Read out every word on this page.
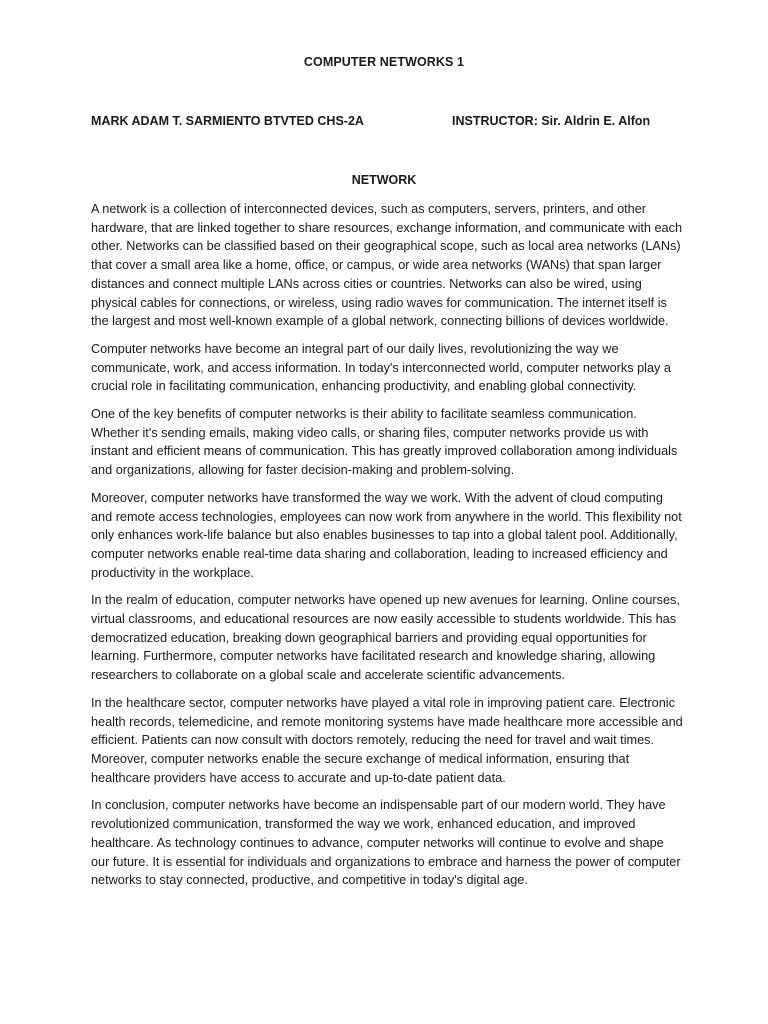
COMPUTER NETWORKS 1
MARK ADAM T. SARMIENTO BTVTED CHS-2A	INSTRUCTOR: Sir. Aldrin E. Alfon
NETWORK

A network is a collection of interconnected devices, such as computers, servers, printers, and other hardware, that are linked together to share resources, exchange information, and communicate with each other. Networks can be classified based on their geographical scope, such as local area networks (LANs) that cover a small area like a home, office, or campus, or wide area networks (WANs) that span larger distances and connect multiple LANs across cities or countries. Networks can also be wired, using physical cables for connections, or wireless, using radio waves for communication. The internet itself is the largest and most well-known example of a global network, connecting billions of devices worldwide.

Computer networks have become an integral part of our daily lives, revolutionizing the way we communicate, work, and access information. In today's interconnected world, computer networks play a crucial role in facilitating communication, enhancing productivity, and enabling global connectivity.

One of the key benefits of computer networks is their ability to facilitate seamless communication. Whether it's sending emails, making video calls, or sharing files, computer networks provide us with instant and efficient means of communication. This has greatly improved collaboration among individuals and organizations, allowing for faster decision-making and problem-solving.

Moreover, computer networks have transformed the way we work. With the advent of cloud computing and remote access technologies, employees can now work from anywhere in the world. This flexibility not only enhances work-life balance but also enables businesses to tap into a global talent pool. Additionally, computer networks enable real-time data sharing and collaboration, leading to increased efficiency and productivity in the workplace.

In the realm of education, computer networks have opened up new avenues for learning. Online courses, virtual classrooms, and educational resources are now easily accessible to students worldwide. This has democratized education, breaking down geographical barriers and providing equal opportunities for learning. Furthermore, computer networks have facilitated research and knowledge sharing, allowing researchers to collaborate on a global scale and accelerate scientific advancements.

In the healthcare sector, computer networks have played a vital role in improving patient care. Electronic health records, telemedicine, and remote monitoring systems have made healthcare more accessible and efficient. Patients can now consult with doctors remotely, reducing the need for travel and wait times. Moreover, computer networks enable the secure exchange of medical information, ensuring that healthcare providers have access to accurate and up-to-date patient data.

In conclusion, computer networks have become an indispensable part of our modern world. They have revolutionized communication, transformed the way we work, enhanced education, and improved healthcare. As technology continues to advance, computer networks will continue to evolve and shape our future. It is essential for individuals and organizations to embrace and harness the power of computer networks to stay connected, productive, and competitive in today's digital age.
